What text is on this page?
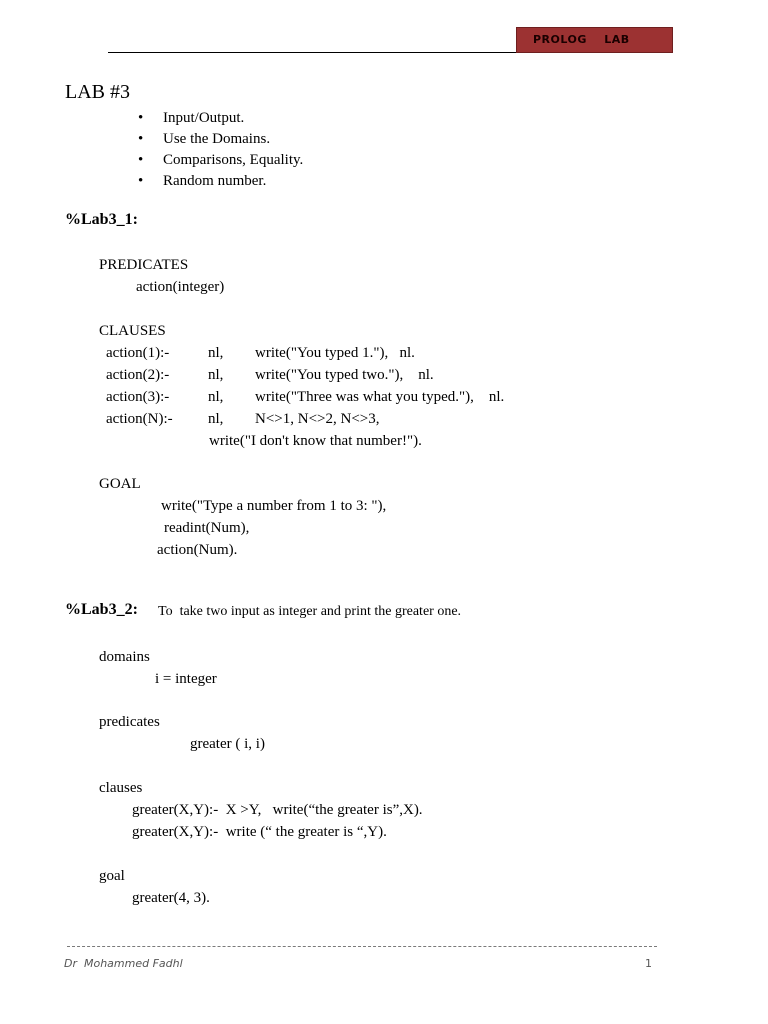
PROLOG    LAB
LAB #3
• Input/Output.
• Use the Domains.
• Comparisons, Equality.
• Random number.
%Lab3_1:
PREDICATES
action(integer)
CLAUSES
action(1):-	nl, write("You typed 1."),   nl.
action(2):-	nl, write("You typed two."),    nl.
action(3):-	nl, write("Three was what you typed."),    nl.
action(N):- nl, N<>1, N<>2, N<>3,
write("I don't know that number!").
GOAL
write("Type a number from 1 to 3: "),
readint(Num),
action(Num).
%Lab3_2: To  take two input as integer and print the greater one.
domains
i = integer
predicates
greater ( i, i)
clauses
greater(X,Y):-  X >Y,   write(“the greater is”,X).
greater(X,Y):-  write (“ the greater is “,Y).
goal
greater(4, 3).
Dr  Mohammed Fadhl	1
